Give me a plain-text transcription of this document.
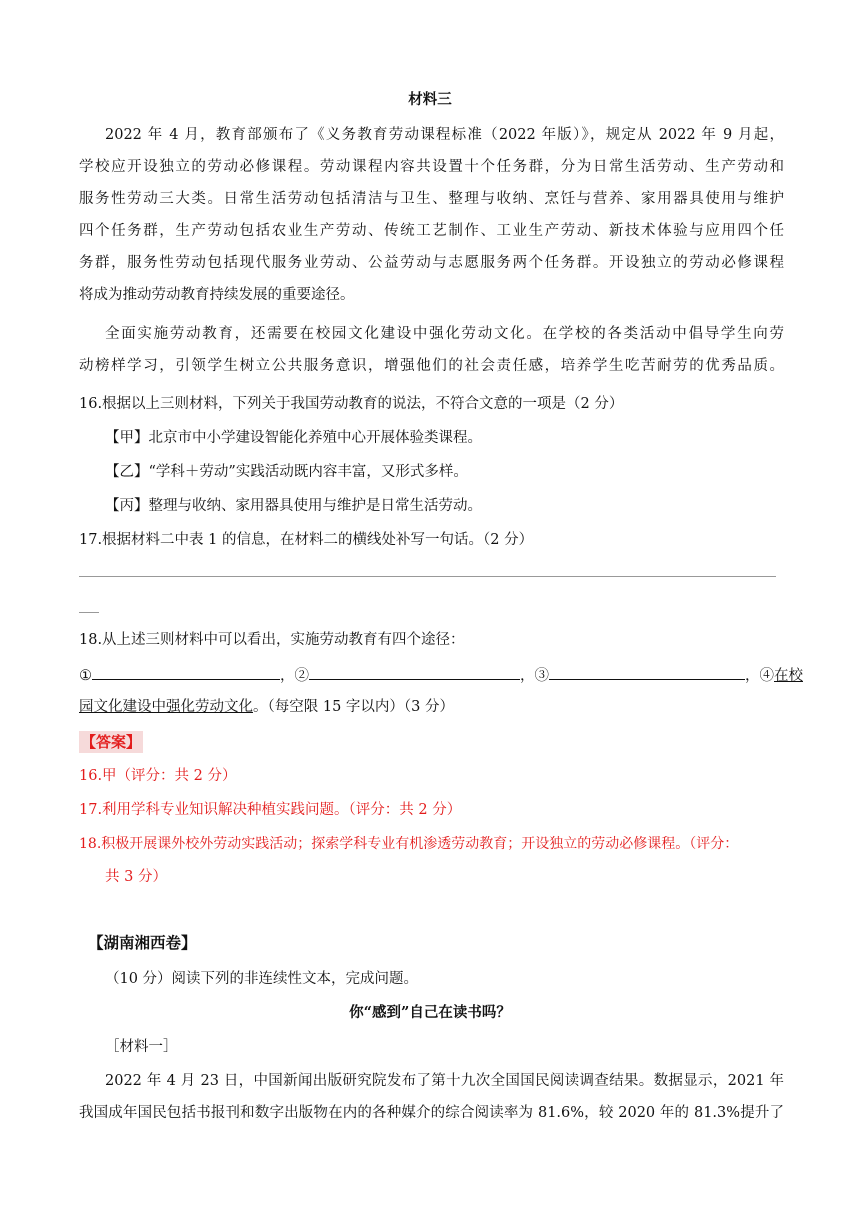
材料三
2022 年 4 月，教育部颁布了《义务教育劳动课程标准（2022 年版）》，规定从 2022 年 9 月起，
学校应开设独立的劳动必修课程。劳动课程内容共设置十个任务群，分为日常生活劳动、生产劳动和
服务性劳动三大类。日常生活劳动包括清洁与卫生、整理与收纳、烹饪与营养、家用器具使用与维护
四个任务群，生产劳动包括农业生产劳动、传统工艺制作、工业生产劳动、新技术体验与应用四个任
务群，服务性劳动包括现代服务业劳动、公益劳动与志愿服务两个任务群。开设独立的劳动必修课程
将成为推动劳动教育持续发展的重要途径。
全面实施劳动教育，还需要在校园文化建设中强化劳动文化。在学校的各类活动中倡导学生向劳
动榜样学习，引领学生树立公共服务意识，增强他们的社会责任感，培养学生吃苦耐劳的优秀品质。
16.根据以上三则材料，下列关于我国劳动教育的说法，不符合文意的一项是（2 分）
【甲】北京市中小学建设智能化养殖中心开展体验类课程。
【乙】“学科＋劳动”实践活动既内容丰富，又形式多样。
【丙】整理与收纳、家用器具使用与维护是日常生活劳动。
17.根据材料二中表 1 的信息，在材料二的横线处补写一句话。（2 分）
18.从上述三则材料中可以看出，实施劳动教育有四个途径：
①	，②	，③	，④在校
园文化建设中强化劳动文化。（每空限 15 字以内）（3 分）
【答案】
16.甲（评分：共 2 分）
17.利用学科专业知识解决种植实践问题。（评分：共 2 分）
18.积极开展课外校外劳动实践活动；探索学科专业有机渗透劳动教育；开设独立的劳动必修课程。（评分：
共 3 分）
【湖南湘西卷】
（10 分）阅读下列的非连续性文本，完成问题。
你“感到”自己在读书吗？
［材料一］
2022 年 4 月 23 日，中国新闻出版研究院发布了第十九次全国国民阅读调查结果。数据显示，2021 年
我国成年国民包括书报刊和数字出版物在内的各种媒介的综合阅读率为 81.6%，较 2020 年的 81.3%提升了
